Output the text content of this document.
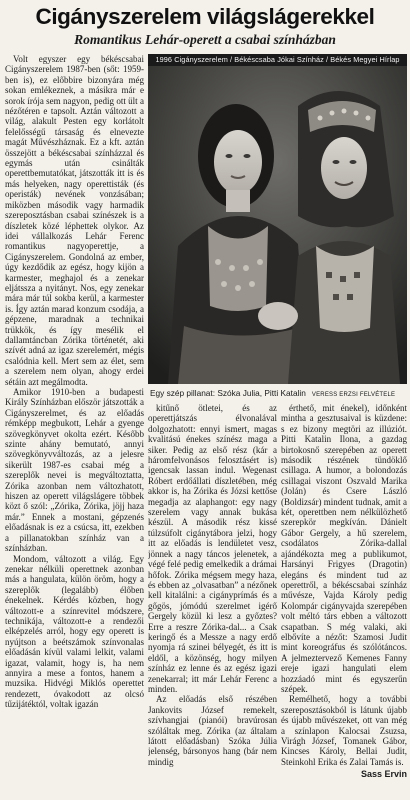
Cigányszerelem világslágerekkel
Romantikus Lehár-operett a csabai színházban

Volt egyszer egy békéscsabai Cigányszerelem 1987-ben (sőt: 1959-ben is), ez előbbire bizonyára még sokan emlékeznek, a másikra már e sorok írója sem nagyon, pedig ott ült a nézőtéren e tapsolt. Aztán változott a világ, alakult Pesten egy korlátolt felelősségű társaság és elnevezte magát Művészháznak. Ez a kft. aztán összejött a békéscsabai színházzal és egymás után csinálták operettbemutatókat, játszották itt is és más helyeken, nagy operettisták (és operisták) nevének vonzásában; miközben második vagy harmadik szereposztásban csabai színészek is a díszletek közé léphettek olykor. Az idei vállalkozás Lehár Ferenc romantikus nagyoperettje, a Cigányszerelem. Gondolná az ember, úgy kezdődik az egész, hogy kijön a karmester, meghajol és a zenekar eljátssza a nyitányt. Nos, egy zenekar mára már túl sokba kerül, a karmester is. Így aztán marad konzum csodája, a gépzene, maradnak a technikai trükkök, és így mesélik el dallamtáncban Zórika történetét, aki szívét adná az igaz szerelemért, mégis csalódnia kell. Mert sem az élet, sem a szerelem nem olyan, ahogy erdei sétáin azt megálmodta.

Amikor 1910-ben a budapesti Király Színházban először játszották a Cigányszerelmet, és az előadás rémképp megbukott, Lehár a gyenge szövegkönyvet okolta ezért. Később szinte ahány bemutató, annyi szövegkönyvváltozás, az a jelesre sikerült 1987-es csabai még a szereplők nevei is megváltoztatta, Zórika azonban nem változhatott, hiszen az operett világslágere többek közt ő szól: „Zórika, Zórika, jöjj haza már.” Ennek a mostani, gépzenés előadásnak is ez a csúcsa, itt, ezekben a pillanatokban színház van a színházban.

Mondom, változott a világ. Egy zenekar nélküli operettnek azonban más a hangulata, külön öröm, hogy a szereplők (legalább) élőben énekelnek. Kérdés közben, hogy változott-e a színrevitel módszere, technikája, változott-e a rendezői elképzelés arról, hogy egy operett is nyújtson a beétszámok színvonalas előadásán kívül valami lelkit, valami igazat, valamit, hogy is, ha nem annyira a mese a fontos, hanem a muzsika. Hidvégi Miklós operettet rendezett, óvakodott az olcsó tűzijátéktól, voltak igazán

1996 Cigányszerelem / Békéscsaba Jókai Színház / Békés Megyei Hírlap
Egy szép pillanat: Szóka Julia, Pitti Katalin VERESS ERZSI FELVÉTELE

kitűnő ötletei, és az operettjátszás élvonalával dolgozhatott: ennyi ismert, magas kvalitású énekes színész maga a siker. Pedig az első rész (kár a háromfelvonásos felosztásért is) igencsak lassan indul. Wegenast Róbert erdőállati díszletében, még akkor is, ha Zórika és Józsi kettőse megadja az alaphangot: egy nagy szerelem vagy annak bukása készül. A második rész kissé túlzsúfolt cigánytábora jelzi, hogy itt az előadás is lendületet vesz, jönnek a nagy táncos jelenetek, a végé felé pedig emelkedik a drámai hőfok. Zórika mégsem megy haza, és ebben az „olvasatban” a nézőnek kell kitalálni: a cigányprímás és a gőgös, jómódú szerelmet igérő Gergely közül ki lesz a győztes? Erre a reszre Zórika-dal... a Csak keringő és a Messze a nagy erdő nyomja rá szinei bélyegét, és itt is eldől, a közönség, hogy milyen színház ez lenne és az egész igazi zenekarral; itt már Lehár Ferenc a minden.

Az előadás első részében Jankovits József remekelt, szívhangjai (pianói) bravúrosan szóláltak meg. Zórika (az általam látott előadásban) Szóka Júlia jelenség, bársonyos hang (bár nem mindig

érthető, mit énekel), időnként mintha a gesztusaival is küzdene: s ez bizony megtöri az illúziót. Pitti Katalin Ilona, a gazdag birtokosnő szerepében az operett második részének tündöklő csillaga. A humor, a bolondozás csillagai viszont Oszvald Marika (Jolán) és Csere László (Boldizsár) mindent tudnak, amit a két, operettben nem nélkülözhető szerepkör megkíván. Dánielt Gábor Gergely, a hű szerelem, csodálatos Zórika-dallal ajándékozta meg a publikumot, Harsányi Frigyes (Dragotin) elegáns és mindent tud az operettről, a békéscsabai színház művésze, Vajda Károly pedig Kolompár cigányvajda szerepében volt méltó társ ebben a változott csapatban. S még valaki, aki elbővíte a nézőt: Szamosi Judit mint koreográfus és szólótáncos. A jelmeztervező Kemenes Fanny ereje igazi hangulati elem hozzáadó mint és egyszerűn szépek.

Remélhető, hogy a további szereposztásokból is látunk újabb és újabb művészeket, ott van még a színlapon Kalocsai Zsuzsa, Virágh József, Tomanek Gábor, Kincses Károly, Bellai Judit, Steinkohl Erika és Zalai Tamás is.

Sass Ervin
